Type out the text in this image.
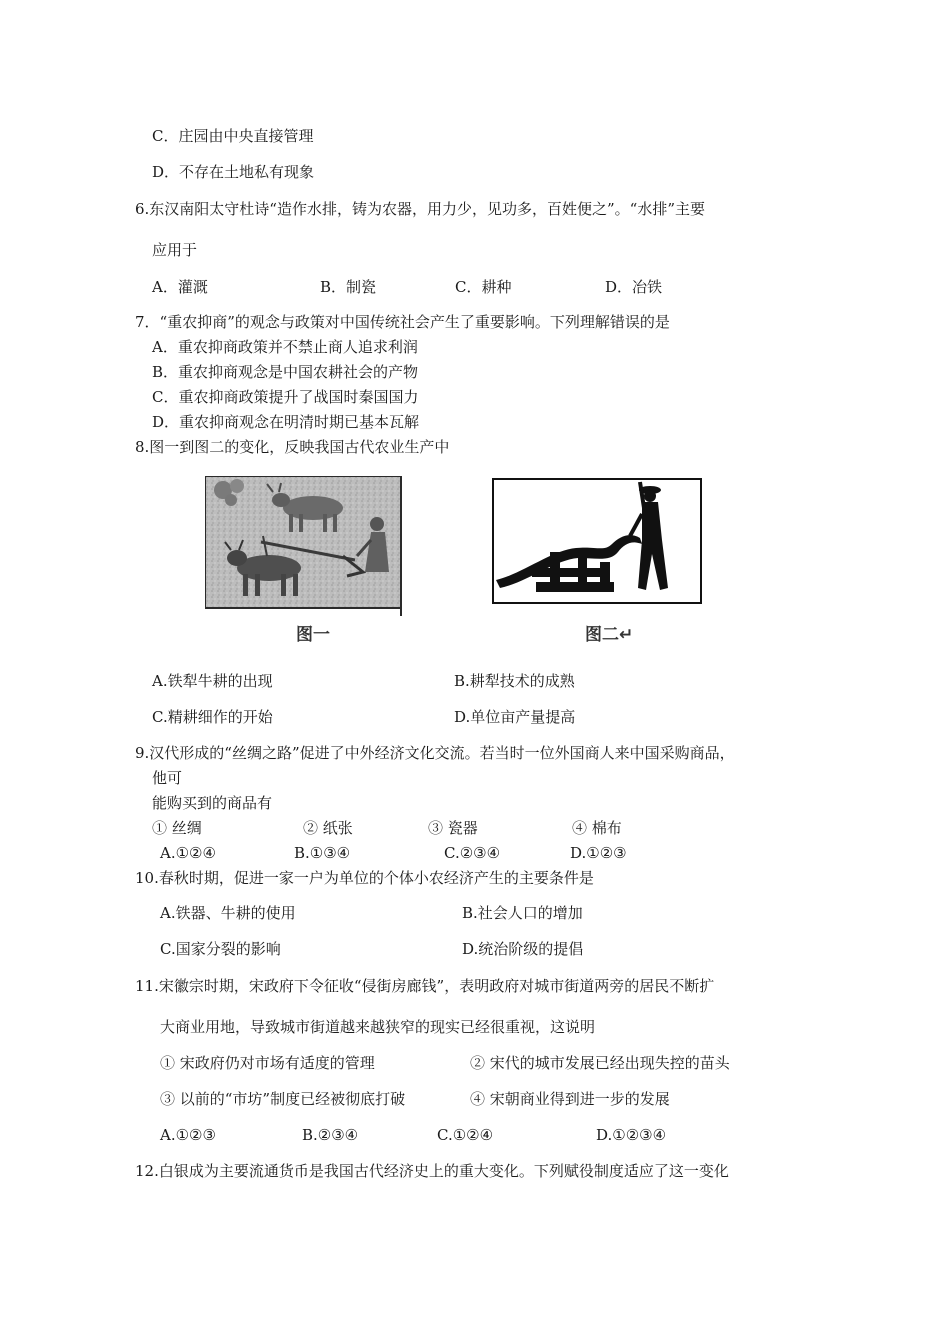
C．庄园由中央直接管理
D．不存在土地私有现象
6.东汉南阳太守杜诗“造作水排，铸为农器，用力少，见功多，百姓便之”。“水排”主要
应用于
A．灌溉	B．制瓷	C．耕种	D．冶铁
7．“重农抑商”的观念与政策对中国传统社会产生了重要影响。下列理解错误的是
A．重农抑商政策并不禁止商人追求利润
B．重农抑商观念是中国农耕社会的产物
C．重农抑商政策提升了战国时秦国国力
D．重农抑商观念在明清时期已基本瓦解
8.图一到图二的变化，反映我国古代农业生产中
图一	图二↵
A.铁犁牛耕的出现	B.耕犁技术的成熟
C.精耕细作的开始	D.单位亩产量提高
9.汉代形成的“丝绸之路”促进了中外经济文化交流。若当时一位外国商人来中国采购商品，
他可
能购买到的商品有
① 丝绸	② 纸张	③ 瓷器	④ 棉布
A.①②④	B.①③④	C.②③④	D.①②③
10.春秋时期，促进一家一户为单位的个体小农经济产生的主要条件是
A.铁器、牛耕的使用	B.社会人口的增加
C.国家分裂的影响	D.统治阶级的提倡
11.宋徽宗时期，宋政府下令征收“侵街房廊钱”，表明政府对城市街道两旁的居民不断扩
大商业用地，导致城市街道越来越狭窄的现实已经很重视，这说明
① 宋政府仍对市场有适度的管理	② 宋代的城市发展已经出现失控的苗头
③ 以前的“市坊”制度已经被彻底打破	④ 宋朝商业得到进一步的发展
A.①②③	B.②③④	C.①②④	D.①②③④
12.白银成为主要流通货币是我国古代经济史上的重大变化。下列赋役制度适应了这一变化
